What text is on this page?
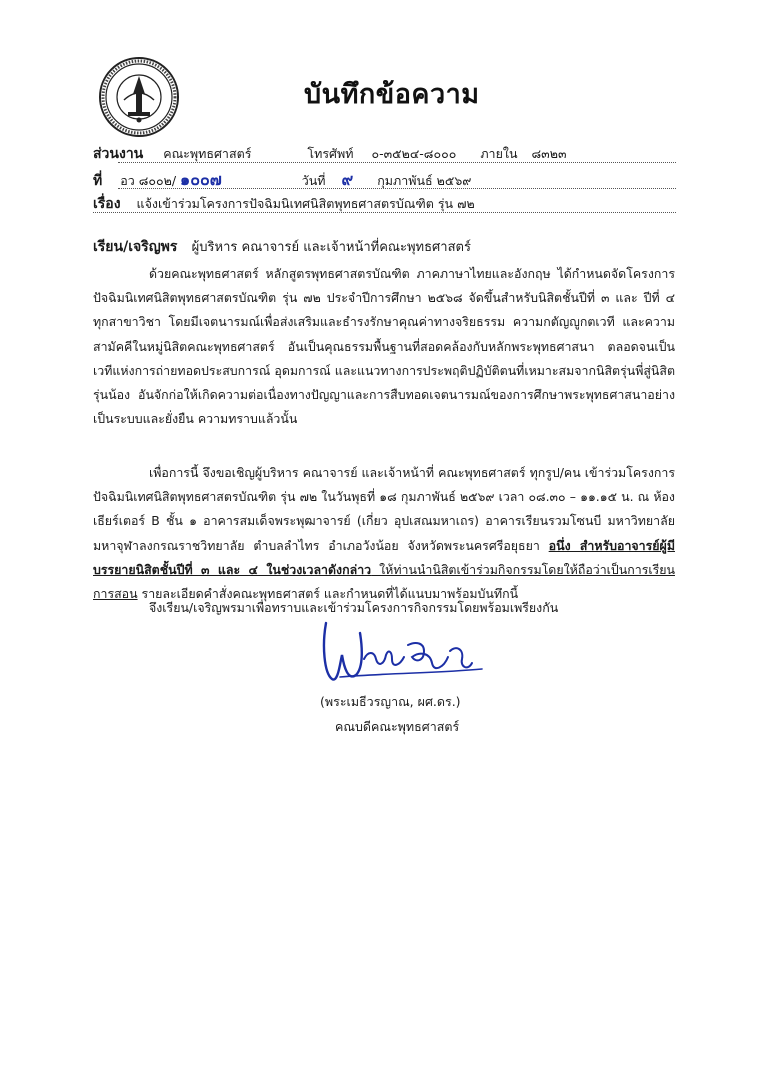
บันทึกข้อความ
ส่วนงาน คณะพุทธศาสตร์	โทรศัพท์ ๐-๓๕๒๔-๘๐๐๐ ภายใน ๘๓๒๓
ที่ อว ๘๐๐๒/ ๑๐๐๗	วันที่ ๙ กุมภาพันธ์ ๒๕๖๙
เรื่อง แจ้งเข้าร่วมโครงการปัจฉิมนิเทศนิสิตพุทธศาสตรบัณฑิต รุ่น ๗๒
เรียน/เจริญพร ผู้บริหาร คณาจารย์ และเจ้าหน้าที่คณะพุทธศาสตร์
ด้วยคณะพุทธศาสตร์ หลักสูตรพุทธศาสตรบัณฑิต ภาคภาษาไทยและอังกฤษ ได้กำหนดจัดโครงการปัจฉิมนิเทศนิสิตพุทธศาสตรบัณฑิต รุ่น ๗๒ ประจำปีการศึกษา ๒๕๖๘ จัดขึ้นสำหรับนิสิตชั้นปีที่ ๓ และ ปีที่ ๔ ทุกสาขาวิชา โดยมีเจตนารมณ์เพื่อส่งเสริมและธำรงรักษาคุณค่าทางจริยธรรม ความกตัญญูกตเวที และความสามัคคีในหมู่นิสิตคณะพุทธศาสตร์ อันเป็นคุณธรรมพื้นฐานที่สอดคล้องกับหลักพระพุทธศาสนา ตลอดจนเป็นเวทีแห่งการถ่ายทอดประสบการณ์ อุดมการณ์ และแนวทางการประพฤติปฏิบัติตนที่เหมาะสมจากนิสิตรุ่นพี่สู่นิสิตรุ่นน้อง อันจักก่อให้เกิดความต่อเนื่องทางปัญญาและการสืบทอดเจตนารมณ์ของการศึกษาพระพุทธศาสนาอย่างเป็นระบบและยั่งยืน ความทราบแล้วนั้น
เพื่อการนี้ จึงขอเชิญผู้บริหาร คณาจารย์ และเจ้าหน้าที่ คณะพุทธศาสตร์ ทุกรูป/คน เข้าร่วมโครงการปัจฉิมนิเทศนิสิตพุทธศาสตรบัณฑิต รุ่น ๗๒ ในวันพุธที่ ๑๘ กุมภาพันธ์ ๒๕๖๙ เวลา ๐๘.๓๐ – ๑๑.๑๕ น. ณ ห้องเธียร์เตอร์ B ชั้น ๑ อาคารสมเด็จพระพุฒาจารย์ (เกี่ยว อุปเสณมหาเถร) อาคารเรียนรวมโซนบี มหาวิทยาลัยมหาจุฬาลงกรณราชวิทยาลัย ตำบลลำไทร อำเภอวังน้อย จังหวัดพระนครศรีอยุธยา อนึ่ง สำหรับอาจารย์ผู้มีบรรยายนิสิตชั้นปีที่ ๓ และ ๔ ในช่วงเวลาดังกล่าว ให้ท่านนำนิสิตเข้าร่วมกิจกรรมโดยให้ถือว่าเป็นการเรียนการสอน รายละเอียดคำสั่งคณะพุทธศาสตร์ และกำหนดที่ได้แนบมาพร้อมบันทึกนี้
จึงเรียน/เจริญพรมาเพื่อทราบและเข้าร่วมโครงการกิจกรรมโดยพร้อมเพรียงกัน
(พระเมธีวรญาณ, ผศ.ดร.)
คณบดีคณะพุทธศาสตร์
